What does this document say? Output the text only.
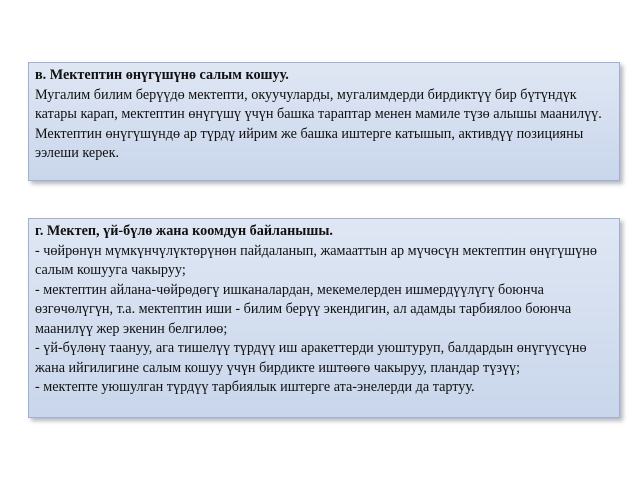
в. Мектептин өнүгүшүнө салым кошуу.
Мугалим билим берүүдө мектепти, окуучуларды, мугалимдерди бирдиктүү бир бүтүндүк катары карап, мектептин өнүгүшү үчүн башка тараптар менен мамиле түзө алышы маанилүү.
Мектептин өнүгүшүндө ар түрдү ийрим же башка иштерге катышып, активдүү позицияны ээлеши керек.
г. Мектеп, үй-бүлө жана коомдун байланышы.
- чөйрөнүн мүмкүнчүлүктөрүнөн пайдаланып, жамааттын ар мүчөсүн мектептин өнүгүшүнө салым кошууга чакыруу;
- мектептин айлана-чөйрөдөгү ишканалардан, мекемелерден ишмердүүлүгү боюнча өзгөчөлүгүн, т.а. мектептин иши - билим берүү экендигин, ал адамды тарбиялоо боюнча маанилүү жер экенин белгилөө;
- үй-бүлөнү таануу, ага тишелүү түрдүү иш аракеттерди уюштуруп, балдардын өнүгүүсүнө жана ийгилигине салым кошуу үчүн бирдикте иштөөгө чакыруу, пландар түзүү;
- мектепте уюшулган түрдүү тарбиялык иштерге ата-энелерди да тартуу.
